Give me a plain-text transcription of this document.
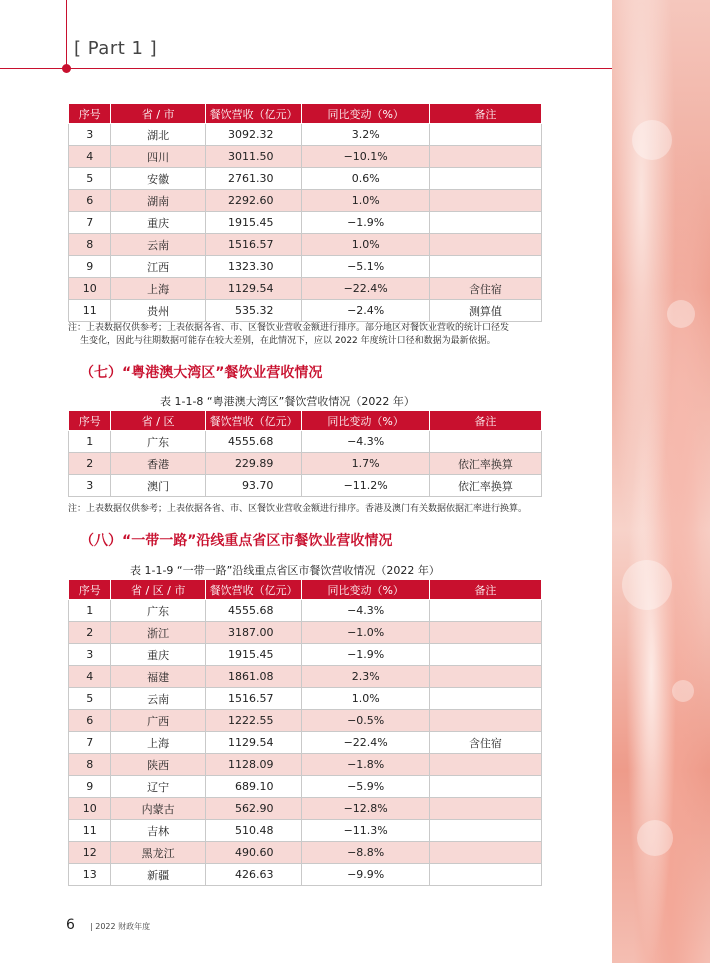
[ Part 1 ]
序号	省 / 市	餐饮营收（亿元）	同比变动（%）	备注
3	湖北	3092.32	3.2%	
4	四川	3011.50	−10.1%	
5	安徽	2761.30	0.6%	
6	湖南	2292.60	1.0%	
7	重庆	1915.45	−1.9%	
8	云南	1516.57	1.0%	
9	江西	1323.30	−5.1%	
10	上海	1129.54	−22.4%	含住宿
11	贵州	535.32	−2.4%	测算值
注：上表数据仅供参考；上表依据各省、市、区餐饮业营收金额进行排序。部分地区对餐饮业营收的统计口径发
生变化，因此与往期数据可能存在较大差别，在此情况下，应以 2022 年度统计口径和数据为最新依据。
（七）“粤港澳大湾区”餐饮业营收情况
表 1-1-8 “粤港澳大湾区”餐饮营收情况（2022 年）
序号	省 / 区	餐饮营收（亿元）	同比变动（%）	备注
1	广东	4555.68	−4.3%	
2	香港	229.89	1.7%	依汇率换算
3	澳门	93.70	−11.2%	依汇率换算
注：上表数据仅供参考；上表依据各省、市、区餐饮业营收金额进行排序。香港及澳门有关数据依据汇率进行换算。
（八）“一带一路”沿线重点省区市餐饮业营收情况
表 1-1-9 “一带一路”沿线重点省区市餐饮营收情况（2022 年）
序号	省 / 区 / 市	餐饮营收（亿元）	同比变动（%）	备注
1	广东	4555.68	−4.3%	
2	浙江	3187.00	−1.0%	
3	重庆	1915.45	−1.9%	
4	福建	1861.08	2.3%	
5	云南	1516.57	1.0%	
6	广西	1222.55	−0.5%	
7	上海	1129.54	−22.4%	含住宿
8	陕西	1128.09	−1.8%	
9	辽宁	689.10	−5.9%	
10	内蒙古	562.90	−12.8%	
11	吉林	510.48	−11.3%	
12	黑龙江	490.60	−8.8%	
13	新疆	426.63	−9.9%	
6 | 2022 财政年度
